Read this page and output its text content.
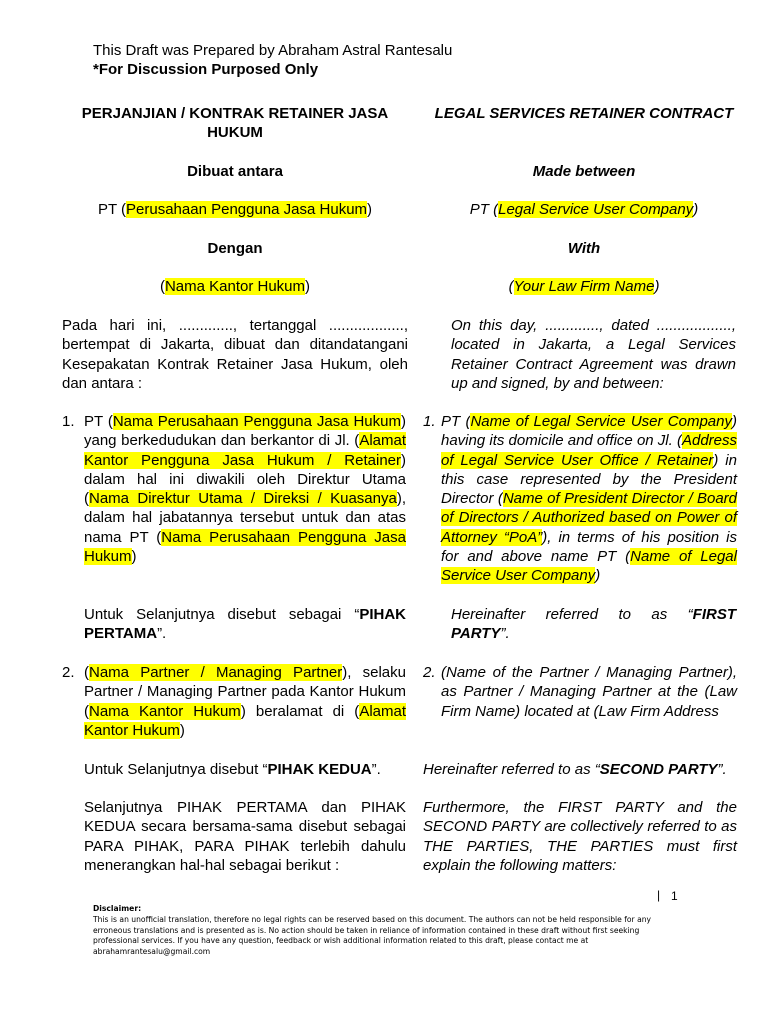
This Draft was Prepared by Abraham Astral Rantesalu
*For Discussion Purposed Only
PERJANJIAN / KONTRAK RETAINER JASA
HUKUM
Dibuat antara
PT (Perusahaan Pengguna Jasa Hukum)
Dengan
(Nama Kantor Hukum)
Pada hari ini, ............., tertanggal .................., bertempat di Jakarta, dibuat dan ditandatangani Kesepakatan Kontrak Retainer Jasa Hukum, oleh dan antara :
1. PT (Nama Perusahaan Pengguna Jasa Hukum) yang berkedudukan dan berkantor di Jl. (Alamat Kantor Pengguna Jasa Hukum / Retainer) dalam hal ini diwakili oleh Direktur Utama (Nama Direktur Utama / Direksi / Kuasanya), dalam hal jabatannya tersebut untuk dan atas nama PT (Nama Perusahaan Pengguna Jasa Hukum)
Untuk Selanjutnya disebut sebagai “PIHAK PERTAMA”.
2. (Nama Partner / Managing Partner), selaku Partner / Managing Partner pada Kantor Hukum (Nama Kantor Hukum) beralamat di (Alamat Kantor Hukum)
Untuk Selanjutnya disebut “PIHAK KEDUA”.
Selanjutnya PIHAK PERTAMA dan PIHAK KEDUA secara bersama-sama disebut sebagai PARA PIHAK, PARA PIHAK terlebih dahulu menerangkan hal-hal sebagai berikut :
LEGAL SERVICES RETAINER CONTRACT
Made between
PT (Legal Service User Company)
With
(Your Law Firm Name)
On this day, ............., dated .................., located in Jakarta, a Legal Services Retainer Contract Agreement was drawn up and signed, by and between:
1. PT (Name of Legal Service User Company) having its domicile and office on Jl. (Address of Legal Service User Office / Retainer) in this case represented by the President Director (Name of President Director / Board of Directors / Authorized based on Power of Attorney “PoA”), in terms of his position is for and above name PT (Name of Legal Service User Company)
Hereinafter referred to as “FIRST
PARTY”.
2. (Name of the Partner / Managing Partner), as Partner / Managing Partner at the (Law Firm Name) located at (Law Firm Address
Hereinafter referred to as “SECOND PARTY”.
Furthermore, the FIRST PARTY and the SECOND PARTY are collectively referred to as THE PARTIES, THE PARTIES must first explain the following matters:
| 1
Disclaimer:
This is an unofficial translation, therefore no legal rights can be reserved based on this document. The authors can not be held responsible for any erroneous translations and is presented as is. No action should be taken in reliance of information contained in these draft without first seeking professional services. If you have any question, feedback or wish additional information related to this draft, please contact me at abrahamrantesalu@gmail.com
